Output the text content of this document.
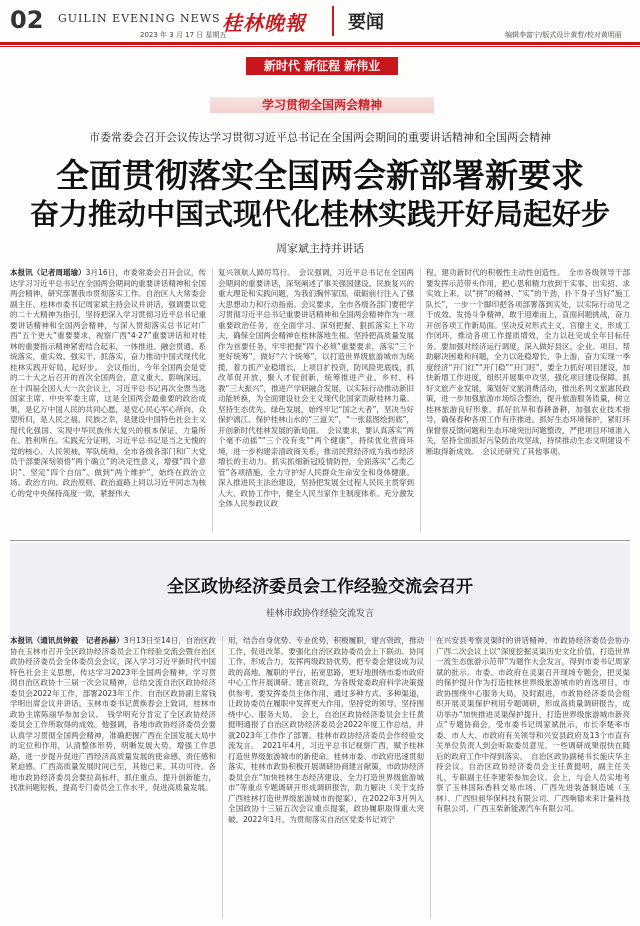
02 GUILIN EVENING NEWS
2023 年 3 月 17 日 星期五
桂林晚報	要闻
编辑李富宁/版式设计黄哲/校对黄明丽
新时代 新征程 新伟业
学习贯彻全国两会精神
市委常委会召开会议传达学习贯彻习近平总书记在全国两会期间的重要讲话精神和全国两会精神
全面贯彻落实全国两会新部署新要求
奋力推动中国式现代化桂林实践开好局起好步
周家斌主持并讲话
本报讯（记者周瑶瑜）3月16日，市委常委会召开会议，传达学习习近平总书记在全国两会期间的重要讲话精神和全国两会精神，研究部署我市贯彻落实工作。自治区人大常委会副主任、桂林市委书记周家斌主持会议并讲话，强调要以党的二十大精神为指引，坚持把深入学习贯彻习近平总书记重要讲话精神和全国两会精神，与深入贯彻落实总书记对广西“五个更大”重要要求、视察广西“4·27”重要讲话和对桂林的重要指示精神紧密结合起来，一体推进、融会贯通、系统落实，重实效、强实干、抓落实，奋力推动中国式现代化桂林实践开好局、起好步。　会议指出，今年全国两会是党的二十大之后召开的首次全国两会，意义重大、影响深远。在十四届全国人大一次会议上，习近平总书记再次全票当选国家主席、中央军委主席，这是全国两会最重要的政治成果，是亿万中国人民的共同心愿，是党心民心军心所向、众望所归，是人民之福、民族之幸，是建设中国特色社会主义现代化强国、实现中华民族伟大复兴的根本保证，力量所在、胜利所在。实践充分证明，习近平总书记是当之无愧的党的核心、人民领袖、军队统帅。全市各级各部门和广大党员干部要深刻领悟“两个确立”的决定性意义，增强“四个意识”、坚定“四个自信”、做到“两个维护”，始终在政治立场、政治方向、政治原则、政治道路上同以习近平同志为核心的党中央保持高度一致，紧握伟大
复兴领航人踔厉笃行。　会议强调，习近平总书记在全国两会期间的重要讲话，深刻阐述了事关强国建设、民族复兴的重大理论和实践问题，为我们胸怀家国、砥砺前行注入了强大思想动力和行动指南。会议要求，全市各级各部门要把学习贯彻习近平总书记重要讲话精神和全国两会精神作为一项重要政治任务，在全面学习、深刻把握、狠抓落实上下功夫，确保全国两会精神在桂林落地生根。坚持把高质量发展作为首要任务，牢牢把握“四个必须”重要要求，落实“三个更好统筹”，做好“六个统筹”，以打造世界级旅游城市为统揽，着力抓产业稳增长，上项目扩投资，防风险兜底线，抓改革促开放，聚人才促创新，统筹推进产业、乡村、科教“三大振兴”，推进产学研融合发展，以实际行动推动新旧动能转换，为全面建设社会主义现代化国家贡献桂林力量。坚持生态优先、绿色发展，始终牢记“国之大者”，坚决当好保护漓江、保护桂林山水的“三道关”，“一张蓝图绘到底”，开创新时代桂林发展的新局面。　会议要求，要认真落实“两个毫不动摇”“三个没有变”“两个健康”，持续优化营商环境，进一步构建亲清政商关系，推动民营经济成为我市经济增长的主动力。抓实抓细新冠疫情防控，全面落实“乙类乙管”各项措施，全力守护好人民群众生命安全和身体健康。深入推进民主法治建设，坚持把发展全过程人民民主贯穿到人大、政协工作中，健全人民当家作主制度体系。充分激发全体人民参政议政
程，建功新时代的积极性主动性创造性。　全市各级领导干部要发挥示范带头作用，把心思和精力放到干实事、出实招、求实效上来，以“拼”的精神、“实”的干劲，扑下身子当好“施工队长”，一步一个脚印把各项部署落到实处，以实际行动见之于成效。发扬斗争精神，敢于迎难而上，直面问题挑战，奋力开创各项工作新局面。坚决反对形式主义、官僚主义，形成工作闭环，推动各项工作提质增效，全力以赴完成全年目标任务。要加强对经济运行调度，深入做好县区、企业、项目、帮助解决困难和问题，全力以赴稳增长、争上游，奋力实现一季度经济“开门红”“开门稳”“开门旺”，要全力抓好项目建设，加快新增工作进度，组织开展集中攻坚，强化项目建设保障。抓好文旅产业发展，策划好文旅消费活动，推出系列文旅惠民政策，进一步加强旅游市场综合整治，提升旅游服务质量，树立桂林旅游良好形象。抓好抗旱和春耕备耕，加强农业技术指导，确保春种各项工作有序推进。抓好生态环境保护，紧盯环保督察反馈问题和生态环境突出问题整改，严把项目环境准入关，坚持全面抓好污染防治攻坚战，持续推动生态文明建设不断取得新成效。　会议还研究了其他事项。
全区政协经济委员会工作经验交流会召开
桂林市政协作经验交流发言
本报讯（通讯员钟毅　记者孙赫）3月13日至14日，自治区政协在玉林市召开全区政协经济委员会工作经验交流会暨自治区政协经济委员会全体委员会会议，深入学习习近平新时代中国特色社会主义思想，传达学习2023年全国两会精神，学习贯彻自治区政协十三届一次会议精神，总结交流自治区政协经济委员会2022年工作，部署2023年工作。自治区政协副主席钱学明出席会议并讲话。玉林市委书记黄焕春会上致词，桂林市政协主席陈丽华参加会议。　钱学明充分肯定了全区政协经济委员会工作所取得的成效。他强调，各地市政协经济委员会要认真学习贯彻全国两会精神，准确把握广西在全国发展大局中的定位和作用，认清整体形势，明晰发展大势，增强工作思路，进一步提升促进广西经济高质量发展的使命感、责任感和紧迫感。广西高质量发展时间已至，其他已来，其功可待。各地市政协经济委员会要拉高标杆，抓住重点，提升创新能力，找准问题短板，提高专门委员会工作水平，促进高质量发展。
用，结合自身优势、专业优势，积极履职，建言资政，推动工作，促进改革。要强化自治区政协委员会上下联动、协同工作，形成合力，发挥两级政协优势，把专委会建设成为议政的高地、履职的平台，拓宽思路，更好地围绕市委市政府中心工作开展调研、建言资政，为各级党委政府科学决策提供参考。要发挥委员主体作用，通过多种方式、多种渠道，让政协委员在履职中发挥更大作用，坚持党的领导，坚持围绕中心、服务大局。　会上，自治区政协经济委员会主任黄挺明通报了自治区政协经济委员会2022年度工作总结，并就2023年工作作了部署。桂林市政协经济委员会作经验交流发言。　2021年4月，习近平总书记视察广西，赋予桂林打造世界级旅游城市的新使命。桂林市委、市政府迅速贯彻落实，桂林市政协积极开展调研协商建言献策，市政协经济委员会在“加快桂林生态经济建设、全力打造世界级旅游城市”等重点专题调研开形成调研报告，助力解决（关于支持广西桂林打造世界级旅游城市的提案），在2022年3月列入全国政协十三届五次会议重点提案，政协履职取得重大突破。2022年1月，为贯彻落实自治区党委书记刘宁
在兴安县考察灵渠时的讲话精神，市政协经济委员会协办广西二次会议上以“深度挖掘灵渠历史文化价值，打造世界一流生态旅游示范带”为题作大会发言，得到市委书记周家斌的批示。市委、市政府在灵渠召开现场专题会，把灵渠的保护提升作为打造桂林世界级旅游城市的首选项目，市政协围绕中心服务大局，及时跟进，市政协经济委员会组织开展灵渠保护利用专题调研，形成高质量调研报告，成功举办“加快推进灵渠保护提升，打造世界级旅游城市新亮点”专题协商会，受市委书记周家斌批示，市长李楚率市委、市人大、市政府有关领导和兴安县政府及13个市直有关单位负责人到会听取委员意见，一些调研成果很快在随后的政府工作中得到落实。　自治区政协副秘书长施庆华主持会议。自治区政协经济委员会主任黄挺明，副主任关礼，专职副主任李建荣参加会议。会上，与会人员实地考察了玉林国际香料交易市场、广西先进装备制造城（玉林）、广西恒昶华保科技有限公司、广西响德未来计量科技有限公司、广西玉柴新能源汽车有限公司。
